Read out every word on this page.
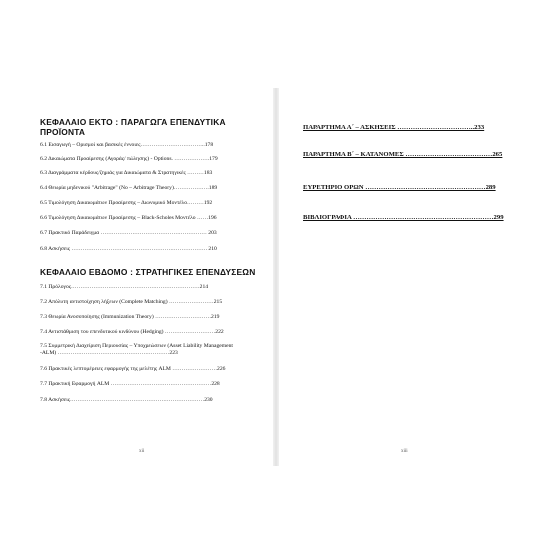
ΚΕΦΑΛΑΙΟ ΕΚΤΟ : ΠΑΡΑΓΩΓΑ ΕΠΕΝΔΥΤΙΚΑ ΠΡΟΪΟΝΤΑ
6.1 Εισαγωγή – Ορισμοί και βασικές έννοιες……………………………..178
6.2 Δικαιώματα Προαίρεσης (Αγοράς/ πώλησης) - Options. ……………….179
6.3 Διαγράμματα κέρδους/ζημιάς για Δικαιώματα & Στρατηγικές ………183
6.4 Θεωρία μηδενικού "Arbitrage" (No – Arbitrage Theory)……………….189
6.5 Τιμολόγηση Δικαιωμάτων Προαίρεσης – Διωνυμικό Μοντέλο………192
6.6 Τιμολόγηση Δικαιωμάτων Προαίρεσης – Black-Scholes Μοντέλο ……196
6.7 Πρακτικό Παράδειγμα ………………………………………………… 203
6.8 Ασκήσεις ………………………………………………………………. 210
ΚΕΦΑΛΑΙΟ ΕΒΔΟΜΟ : ΣΤΡΑΤΗΓΙΚΕΣ ΕΠΕΝΔΥΣΕΩΝ
7.1 Πρόλογος……………………………………………………………214
7.2 Απόλυτη αντιστοίχηση λήξεων (Complete Matching) ……………………215
7.3 Θεωρία Ανοσοποίησης (Immunization Theory) …………………………219
7.4 Αντιστάθμιση του επενδυτικού κινδύνου (Hedging) ………………………222
7.5 Συμμετρική Διαχείριση Περιουσίας – Υποχρεώσεων (Asset Liability Management -ALM) ……………………………………………………223
7.6 Πρακτικές λεπτομέρειες εφαρμογής της μελέτης ALM ……………………226
7.7 Πρακτική Εφαρμογή ALM ………………………………………………228
7.8 Ασκήσεις………………………………………………………………230
xii
ΠΑΡΑΡΤΗΜΑ Α΄ – ΑΣΚΗΣΕΙΣ ……………………………..233
ΠΑΡΑΡΤΗΜΑ Β΄ – ΚΑΤΑΝΟΜΕΣ …………………………………265
ΕΥΡΕΤΗΡΙΟ ΟΡΩΝ ………………………………………………289
ΒΙΒΛΙΟΓΡΑΦΙΑ ………………………………………………………299
xiii
